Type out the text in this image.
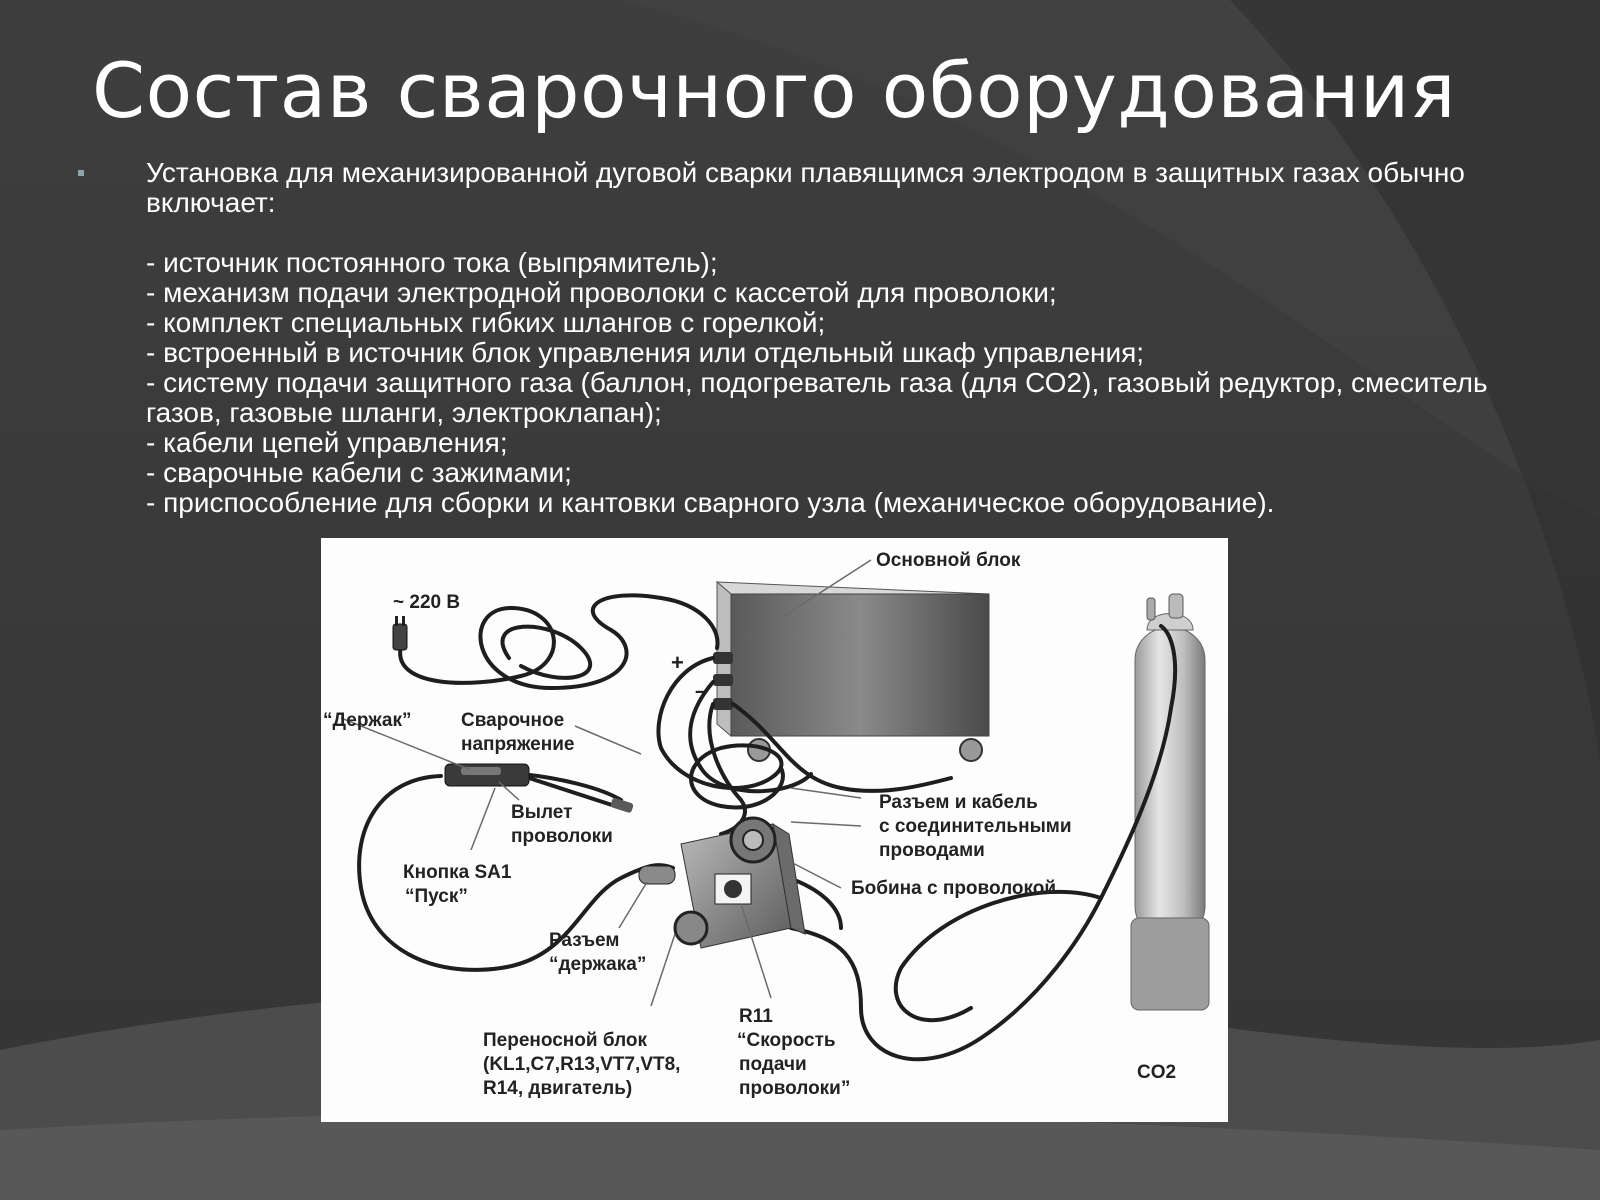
Состав сварочного оборудования

Установка для механизированной дуговой сварки плавящимся электродом в защитных газах обычно включает:

- источник постоянного тока (выпрямитель);
- механизм подачи электродной проволоки с кассетой для проволоки;
- комплект специальных гибких шлангов с горелкой;
- встроенный в источник блок управления или отдельный шкаф управления;
- систему подачи защитного газа (баллон, подогреватель газа (для СО2), газовый редуктор, смеситель газов, газовые шланги, электроклапан);
- кабели цепей управления;
- сварочные кабели с зажимами;
- приспособление для сборки и кантовки сварного узла (механическое оборудование).
Основной блок
~ 220 В
+
–
“Держак”	Сварочное
напряжение
Вылет
проволоки
Кнопка SA1
“Пуск”
Разъем
“держака”
Переносной блок
(KL1,C7,R13,VT7,VT8,
R14, двигатель)
R11
“Скорость
подачи
проволоки”
Разъем и кабель
с соединительными
проводами
Бобина с проволокой
CO2
